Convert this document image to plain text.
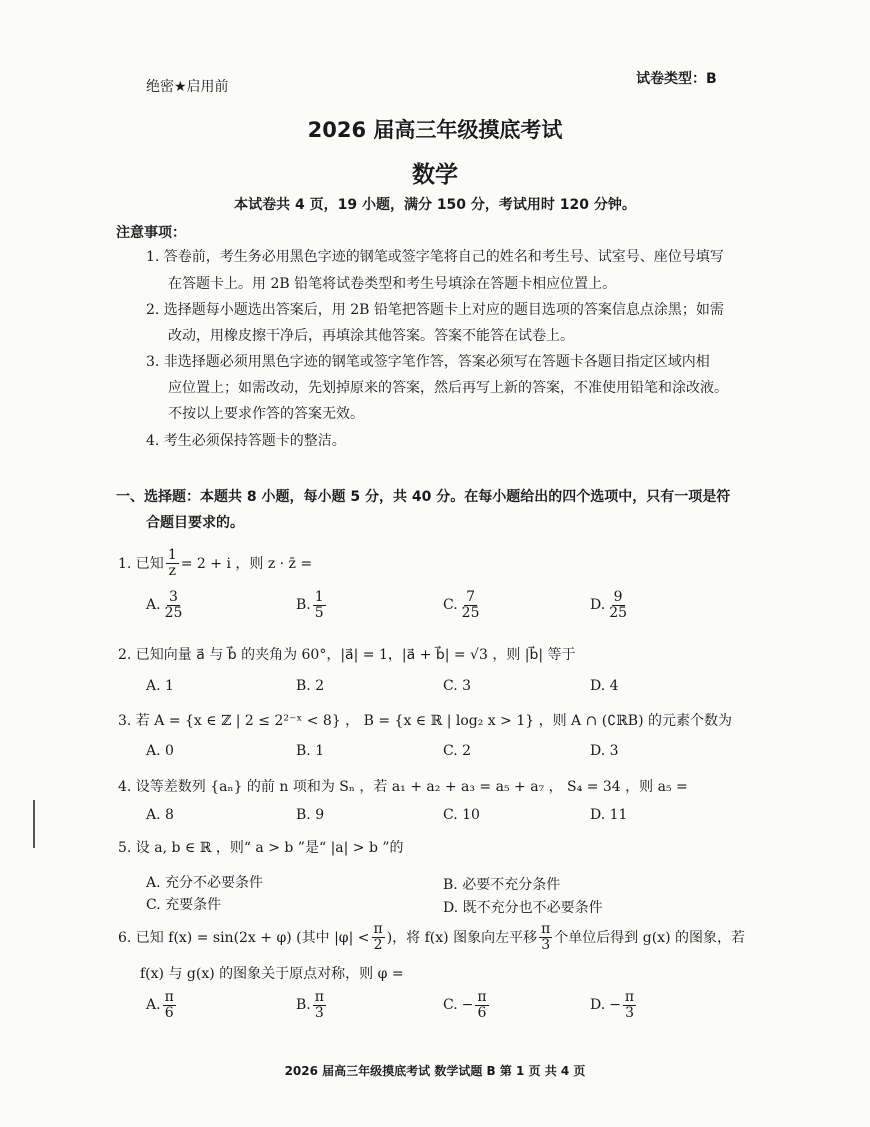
绝密★启用前	试卷类型：B
2026 届高三年级摸底考试
数学
本试卷共 4 页，19 小题，满分 150 分，考试用时 120 分钟。
注意事项：
1. 答卷前，考生务必用黑色字迹的钢笔或签字笔将自己的姓名和考生号、试室号、座位号填写
在答题卡上。用 2B 铅笔将试卷类型和考生号填涂在答题卡相应位置上。
2. 选择题每小题选出答案后，用 2B 铅笔把答题卡上对应的题目选项的答案信息点涂黑；如需
改动，用橡皮擦干净后，再填涂其他答案。答案不能答在试卷上。
3. 非选择题必须用黑色字迹的钢笔或签字笔作答，答案必须写在答题卡各题目指定区域内相
应位置上；如需改动，先划掉原来的答案，然后再写上新的答案，不准使用铅笔和涂改液。
不按以上要求作答的答案无效。
4. 考生必须保持答题卡的整洁。
一、选择题：本题共 8 小题，每小题 5 分，共 40 分。在每小题给出的四个选项中，只有一项是符
合题目要求的。
1. 已知 $\frac{1}{z} = 2 + i$ ，则 z · z̄ =
A. $\frac{3}{25}$	B. $\frac{1}{5}$	C. $\frac{7}{25}$	D. $\frac{9}{25}$
2. 已知向量 a⃗ 与 b⃗ 的夹角为 60°，|a⃗| = 1，|a⃗ + b⃗| = √3 ，则 |b⃗| 等于
A. 1	B. 2	C. 3	D. 4
3. 若 A = {x ∈ ℤ | 2 ≤ 2²⁻ˣ < 8} ， B = {x ∈ ℝ | log₂ x > 1} ，则 A ∩ (∁ℝB) 的元素个数为
A. 0	B. 1	C. 2	D. 3
4. 设等差数列 {aₙ} 的前 n 项和为 Sₙ ，若 a₁ + a₂ + a₃ = a₅ + a₇ ， S₄ = 34 ，则 a₅ =
A. 8	B. 9	C. 10	D. 11
5. 设 a, b ∈ ℝ ，则“ a > b ”是“ |a| > b ”的
A. 充分不必要条件	B. 必要不充分条件
C. 充要条件	D. 既不充分也不必要条件
6. 已知 f(x) = sin(2x + φ) (其中 $|\varphi| < \frac{\pi}{2}$ )，将 f(x) 图象向左平移 $\frac{\pi}{3}$ 个单位后得到 g(x) 的图象，若
f(x) 与 g(x) 的图象关于原点对称，则 φ =
A. $\frac{\pi}{6}$	B. $\frac{\pi}{3}$	C. − $\frac{\pi}{6}$	D. − $\frac{\pi}{3}$
2026 届高三年级摸底考试 数学试题 B 第 1 页 共 4 页
